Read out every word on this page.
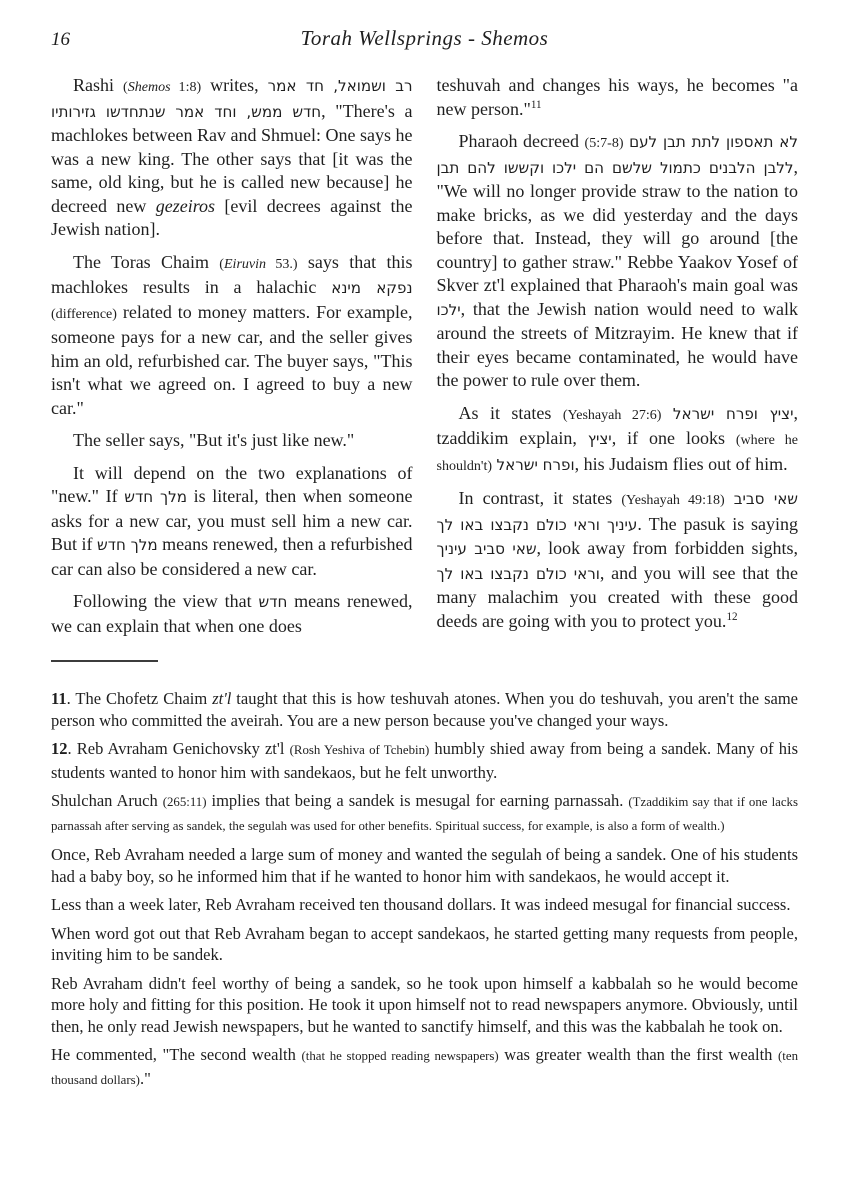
16	Torah Wellsprings - Shemos

Rashi (Shemos 1:8) writes, רב ושמואל, חד אמר חדש ממש, וחד אמר שנתחדשו גזירותיו, "There's a machlokes between Rav and Shmuel: One says he was a new king. The other says that [it was the same, old king, but he is called new because] he decreed new gezeiros [evil decrees against the Jewish nation].

The Toras Chaim (Eiruvin 53.) says that this machlokes results in a halachic נפקא מינא (difference) related to money matters. For example, someone pays for a new car, and the seller gives him an old, refurbished car. The buyer says, "This isn't what we agreed on. I agreed to buy a new car."

The seller says, "But it's just like new."

It will depend on the two explanations of "new." If מלך חדש is literal, then when someone asks for a new car, you must sell him a new car. But if מלך חדש means renewed, then a refurbished car can also be considered a new car.

Following the view that חדש means renewed, we can explain that when one does

teshuvah and changes his ways, he becomes "a new person."$^{11}$

Pharaoh decreed (5:7-8) לא תאספון לתת תבן לעם ללבן הלבנים כתמול שלשם הם ילכו וקששו להם תבן, "We will no longer provide straw to the nation to make bricks, as we did yesterday and the days before that. Instead, they will go around [the country] to gather straw." Rebbe Yaakov Yosef of Skver zt'l explained that Pharaoh's main goal was ילכו, that the Jewish nation would need to walk around the streets of Mitzrayim. He knew that if their eyes became contaminated, he would have the power to rule over them.

As it states (Yeshayah 27:6) יציץ ופרח ישראל, tzaddikim explain, יציץ, if one looks (where he shouldn't) ופרח ישראל, his Judaism flies out of him.

In contrast, it states (Yeshayah 49:18) שאי סביב עיניך וראי כולם נקבצו באו לך. The pasuk is saying שאי סביב עיניך, look away from forbidden sights, וראי כולם נקבצו באו לך, and you will see that the many malachim you created with these good deeds are going with you to protect you.$^{12}$

11. The Chofetz Chaim zt'l taught that this is how teshuvah atones. When you do teshuvah, you aren't the same person who committed the aveirah. You are a new person because you've changed your ways.

12. Reb Avraham Genichovsky zt'l (Rosh Yeshiva of Tchebin) humbly shied away from being a sandek. Many of his students wanted to honor him with sandekaos, but he felt unworthy.

Shulchan Aruch (265:11) implies that being a sandek is mesugal for earning parnassah. (Tzaddikim say that if one lacks parnassah after serving as sandek, the segulah was used for other benefits. Spiritual success, for example, is also a form of wealth.)

Once, Reb Avraham needed a large sum of money and wanted the segulah of being a sandek. One of his students had a baby boy, so he informed him that if he wanted to honor him with sandekaos, he would accept it.

Less than a week later, Reb Avraham received ten thousand dollars. It was indeed mesugal for financial success.

When word got out that Reb Avraham began to accept sandekaos, he started getting many requests from people, inviting him to be sandek.

Reb Avraham didn't feel worthy of being a sandek, so he took upon himself a kabbalah so he would become more holy and fitting for this position. He took it upon himself not to read newspapers anymore. Obviously, until then, he only read Jewish newspapers, but he wanted to sanctify himself, and this was the kabbalah he took on.

He commented, "The second wealth (that he stopped reading newspapers) was greater wealth than the first wealth (ten thousand dollars)."
